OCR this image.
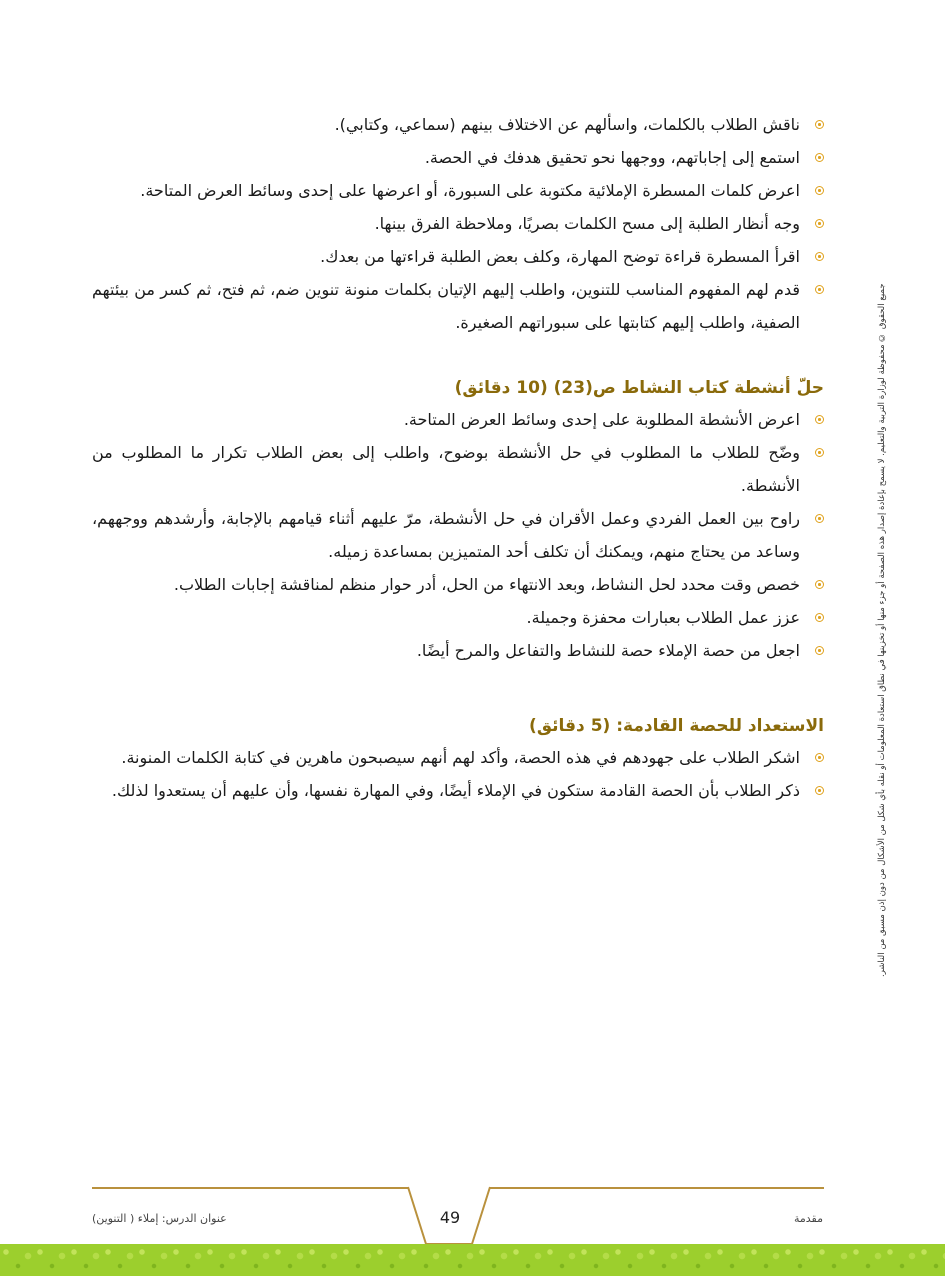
ناقش الطلاب بالكلمات، واسألهم عن الاختلاف بينهم (سماعي، وكتابي).
استمع إلى إجاباتهم، ووجهها نحو تحقيق هدفك في الحصة.
اعرض كلمات المسطرة الإملائية مكتوبة على السبورة، أو اعرضها على إحدى وسائط العرض المتاحة.
وجه أنظار الطلبة إلى مسح الكلمات بصريًا، وملاحظة الفرق بينها.
اقرأ المسطرة قراءة توضح المهارة، وكلف بعض الطلبة قراءتها من بعدك.
قدم لهم المفهوم المناسب للتنوين، واطلب إليهم الإتيان بكلمات منونة تنوين ضم، ثم فتح، ثم كسر من بيئتهم الصفية، واطلب إليهم كتابتها على سبوراتهم الصغيرة.
حلّ أنشطة كتاب النشاط ص(23) (10 دقائق)
اعرض الأنشطة المطلوبة على إحدى وسائط العرض المتاحة.
وضّح للطلاب ما المطلوب في حل الأنشطة بوضوح، واطلب إلى بعض الطلاب تكرار ما المطلوب من الأنشطة.
راوح بين العمل الفردي وعمل الأقران في حل الأنشطة، مرّ عليهم أثناء قيامهم بالإجابة، وأرشدهم ووجههم، وساعد من يحتاج منهم، ويمكنك أن تكلف أحد المتميزين بمساعدة زميله.
خصص وقت محدد لحل النشاط، وبعد الانتهاء من الحل، أدر حوار منظم لمناقشة إجابات الطلاب.
عزز عمل الطلاب بعبارات محفزة وجميلة.
اجعل من حصة الإملاء حصة للنشاط والتفاعل والمرح أيضًا.
الاستعداد للحصة القادمة: (5 دقائق)
اشكر الطلاب على جهودهم في هذه الحصة، وأكد لهم أنهم سيصبحون ماهرين في كتابة الكلمات المنونة.
ذكر الطلاب بأن الحصة القادمة ستكون في الإملاء أيضًا، وفي المهارة نفسها، وأن عليهم أن يستعدوا لذلك.	جميع الحقوق © محفوظة لوزارة التربية والتعليم. لا يسمح بإعادة إصدار هذه الصفحة أو جزء منها أو تخزينها في نطاق استعادة المعلومات أو نقله بأي شكل من الأشكال من دون إذن مسبق من الناشر.
49
عنوان الدرس: إملاء ( التنوين)	مقدمة
